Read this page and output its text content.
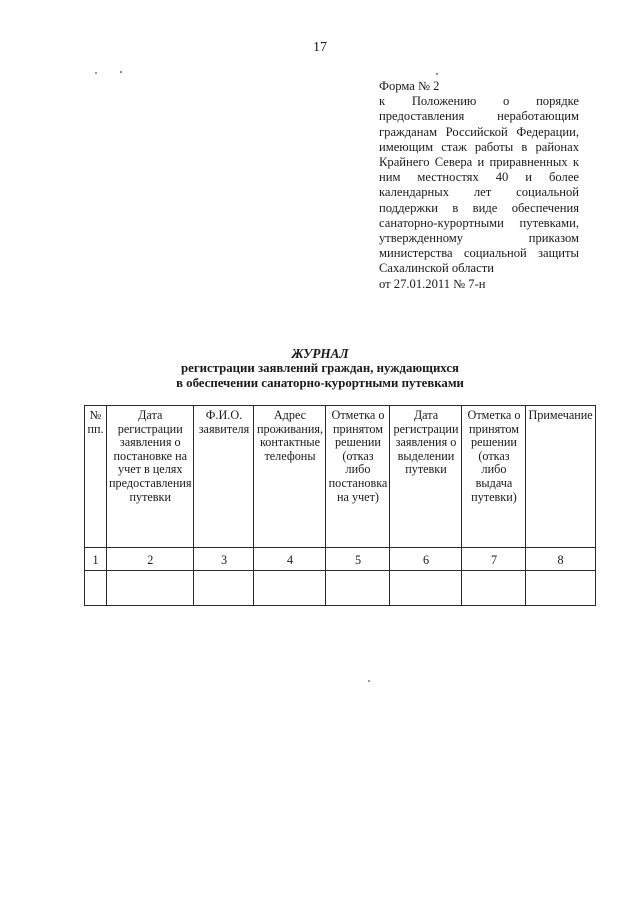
17
Форма № 2
к Положению о порядке предоставления неработающим гражданам Российской Федерации, имеющим стаж работы в районах Крайнего Севера и приравненных к ним местностях 40 и более календарных лет социальной поддержки в виде обеспечения санаторно-курортными путевками, утвержденному приказом министерства социальной защиты Сахалинской области
от 27.01.2011 № 7-н
ЖУРНАЛ
регистрации заявлений граждан, нуждающихся
в обеспечении санаторно-курортными путевками
№ пп.	Дата регистрации заявления о постановке на учет в целях предоставления путевки	Ф.И.О. заявителя	Адрес проживания, контактные телефоны	Отметка о принятом решении (отказ либо постановка на учет)	Дата регистрации заявления о выделении путевки	Отметка о принятом решении (отказ либо выдача путевки)	Примечание
1	2	3	4	5	6	7	8
